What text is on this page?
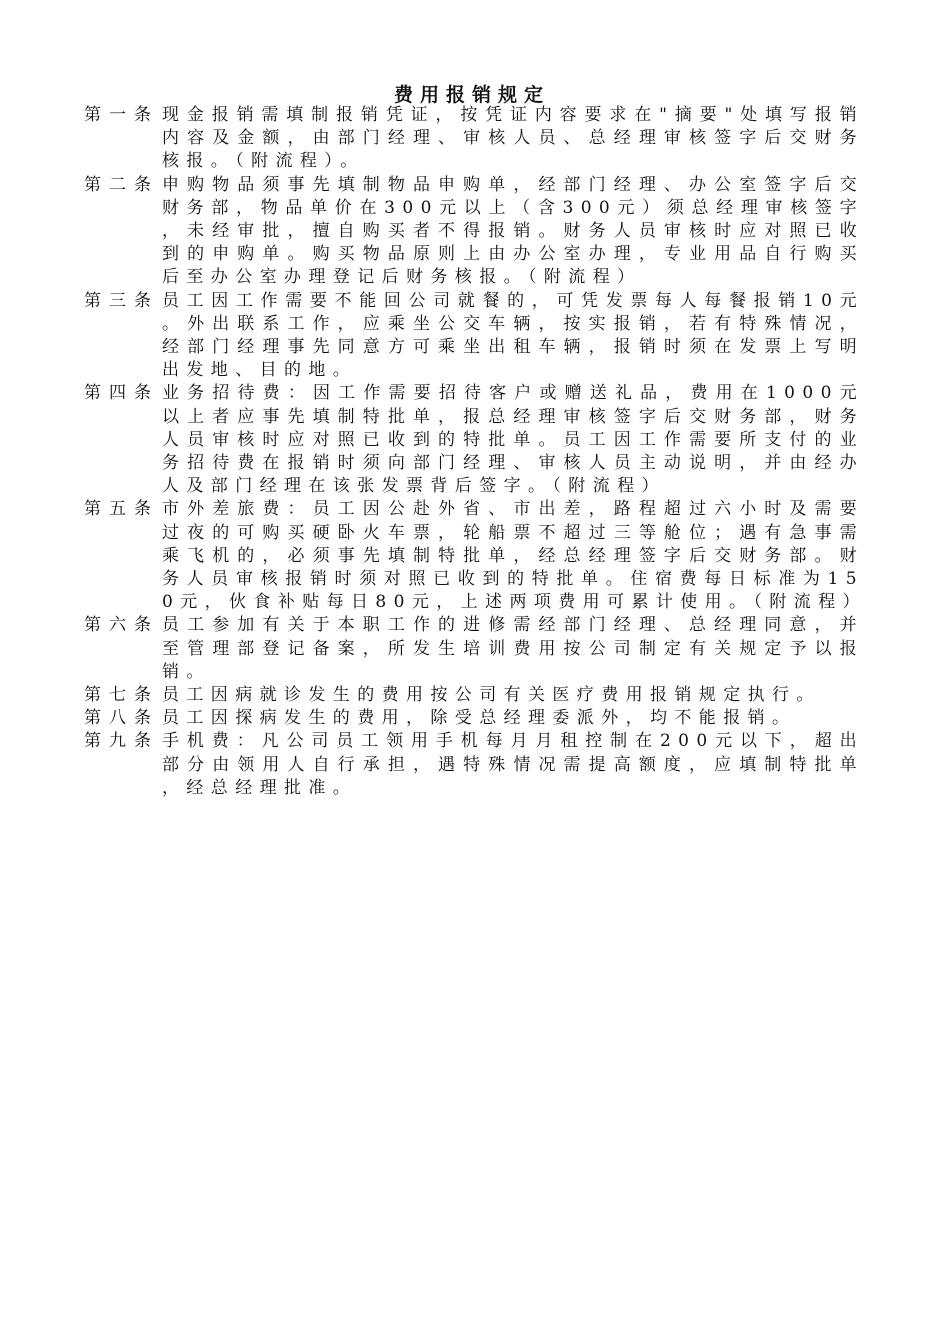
费用报销规定
第一条 现金报销需填制报销凭证，按凭证内容要求在"摘要"处填写报销内容及金额，由部门经理、审核人员、总经理审核签字后交财务核报。（附流程）。
第二条 申购物品须事先填制物品申购单，经部门经理、办公室签字后交财务部，物品单价在300元以上（含300元）须总经理审核签字，未经审批，擅自购买者不得报销。财务人员审核时应对照已收到的申购单。购买物品原则上由办公室办理，专业用品自行购买后至办公室办理登记后财务核报。（附流程）
第三条 员工因工作需要不能回公司就餐的，可凭发票每人每餐报销10元。外出联系工作，应乘坐公交车辆，按实报销，若有特殊情况，经部门经理事先同意方可乘坐出租车辆，报销时须在发票上写明出发地、目的地。
第四条 业务招待费：因工作需要招待客户或赠送礼品，费用在1000元以上者应事先填制特批单，报总经理审核签字后交财务部，财务人员审核时应对照已收到的特批单。员工因工作需要所支付的业务招待费在报销时须向部门经理、审核人员主动说明，并由经办人及部门经理在该张发票背后签字。（附流程）
第五条 市外差旅费：员工因公赴外省、市出差，路程超过六小时及需要过夜的可购买硬卧火车票，轮船票不超过三等舱位；遇有急事需乘飞机的，必须事先填制特批单，经总经理签字后交财务部。财务人员审核报销时须对照已收到的特批单。住宿费每日标准为150元，伙食补贴每日80元，上述两项费用可累计使用。（附流程）
第六条 员工参加有关于本职工作的进修需经部门经理、总经理同意，并至管理部登记备案，所发生培训费用按公司制定有关规定予以报销。
第七条 员工因病就诊发生的费用按公司有关医疗费用报销规定执行。
第八条 员工因探病发生的费用，除受总经理委派外，均不能报销。
第九条 手机费：凡公司员工领用手机每月月租控制在200元以下，超出部分由领用人自行承担，遇特殊情况需提高额度，应填制特批单，经总经理批准。
